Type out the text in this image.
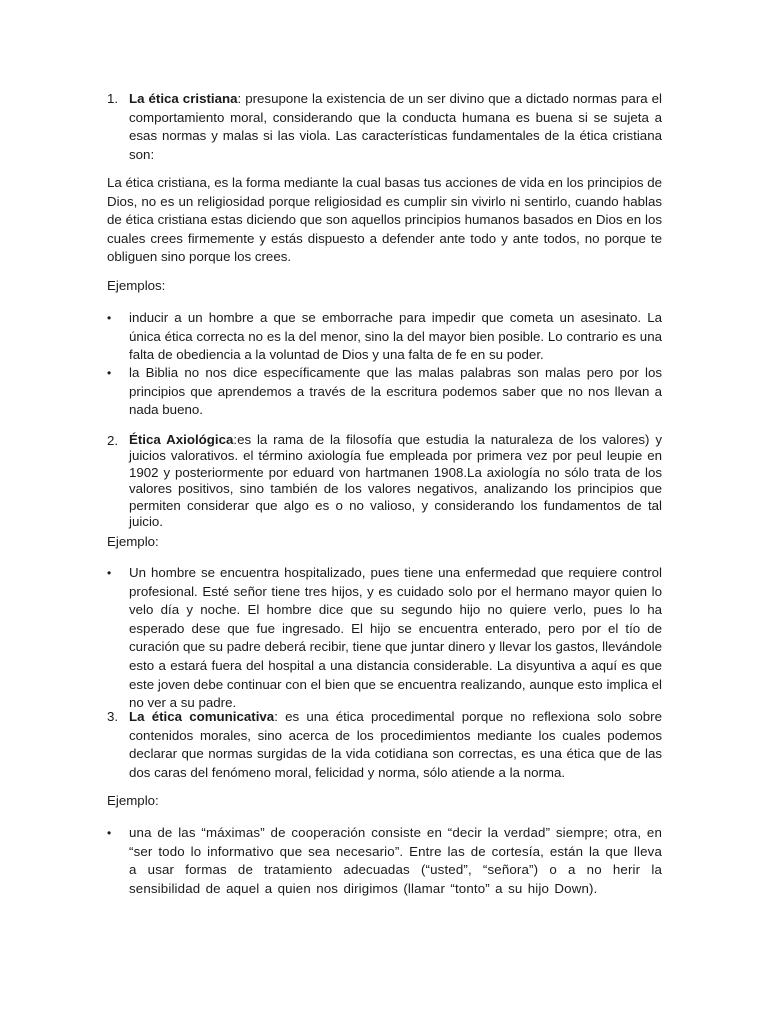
1. La ética cristiana: presupone la existencia de un ser divino que a dictado normas para el comportamiento moral, considerando que la conducta humana es buena si se sujeta a esas normas y malas si las viola. Las características fundamentales de la ética cristiana son:
La ética cristiana, es la forma mediante la cual basas tus acciones de vida en los principios de Dios, no es un religiosidad porque religiosidad es cumplir sin vivirlo ni sentirlo, cuando hablas de ética cristiana estas diciendo que son aquellos principios humanos basados en Dios en los cuales crees firmemente y estás dispuesto a defender ante todo y ante todos, no porque te obliguen sino porque los crees.
Ejemplos:
•	inducir a un hombre a que se emborrache para impedir que cometa un asesinato. La única ética correcta no es la del menor, sino la del mayor bien posible. Lo contrario es una falta de obediencia a la voluntad de Dios y una falta de fe en su poder.
•	la Biblia no nos dice específicamente que las malas palabras son malas pero por los principios que aprendemos a través de la escritura podemos saber que no nos llevan a nada bueno.
2. Ética Axiológica:es la rama de la filosofía que estudia la naturaleza de los valores) y juicios valorativos. el término axiología fue empleada por primera vez por peul leupie en 1902 y posteriormente por eduard von hartmanen 1908.La axiología no sólo trata de los valores positivos, sino también de los valores negativos, analizando los principios que permiten considerar que algo es o no valioso, y considerando los fundamentos de tal juicio.
Ejemplo:
•	Un hombre se encuentra hospitalizado, pues tiene una enfermedad que requiere control profesional. Esté señor tiene tres hijos, y es cuidado solo por el hermano mayor quien lo velo día y noche. El hombre dice que su segundo hijo no quiere verlo, pues lo ha esperado dese que fue ingresado. El hijo se encuentra enterado, pero por el tío de curación que su padre deberá recibir, tiene que juntar dinero y llevar los gastos, llevándole esto a estará fuera del hospital a una distancia considerable. La disyuntiva a aquí es que este joven debe continuar con el bien que se encuentra realizando, aunque esto implica el no ver a su padre.
3. La ética comunicativa: es una ética procedimental porque no reflexiona solo sobre contenidos morales, sino acerca de los procedimientos mediante los cuales podemos declarar que normas surgidas de la vida cotidiana son correctas, es una ética que de las dos caras del fenómeno moral, felicidad y norma, sólo atiende a la norma.
Ejemplo:
•	una de las “máximas” de cooperación consiste en “decir la verdad” siempre; otra, en “ser todo lo informativo que sea necesario”. Entre las de cortesía, están la que lleva a usar formas de tratamiento adecuadas (“usted”, “señora”) o a no herir la sensibilidad de aquel a quien nos dirigimos (llamar “tonto” a su hijo Down).
